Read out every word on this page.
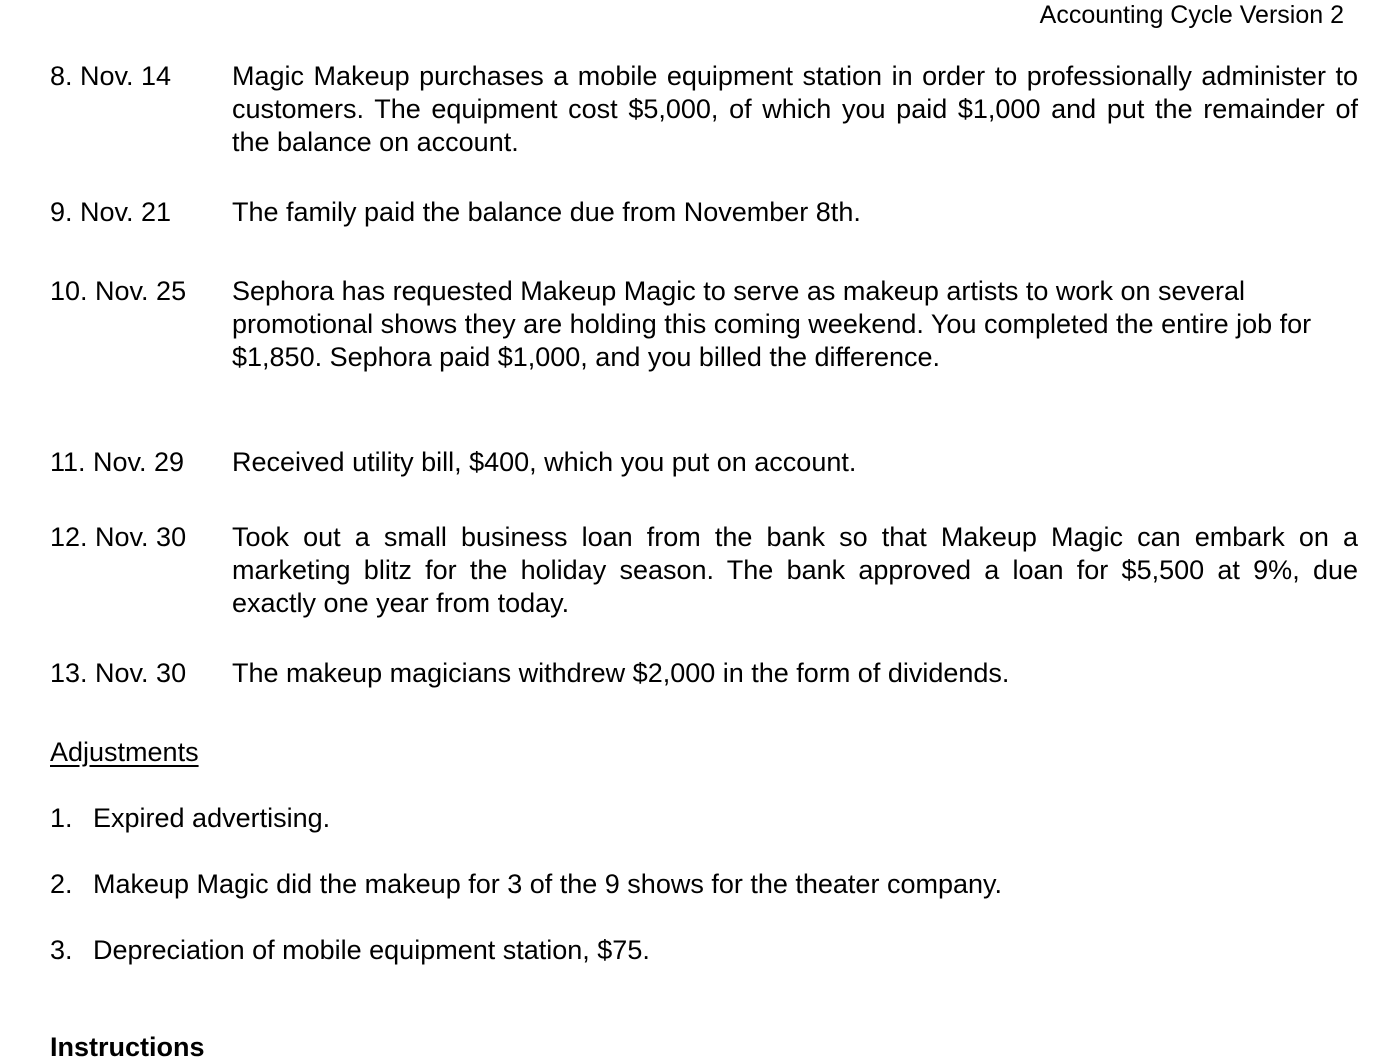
Accounting Cycle Version 2
8. Nov. 14 Magic Makeup purchases a mobile equipment station in order to professionally administer to customers. The equipment cost $5,000, of which you paid $1,000 and put the remainder of the balance on account.
9. Nov. 21 The family paid the balance due from November 8th.
10. Nov. 25 Sephora has requested Makeup Magic to serve as makeup artists to work on several promotional shows they are holding this coming weekend. You completed the entire job for $1,850. Sephora paid $1,000, and you billed the difference.
11. Nov. 29 Received utility bill, $400, which you put on account.
12. Nov. 30 Took out a small business loan from the bank so that Makeup Magic can embark on a marketing blitz for the holiday season. The bank approved a loan for $5,500 at 9%, due exactly one year from today.
13. Nov. 30 The makeup magicians withdrew $2,000 in the form of dividends.
Adjustments
1. Expired advertising.
2. Makeup Magic did the makeup for 3 of the 9 shows for the theater company.
3. Depreciation of mobile equipment station, $75.
Instructions
